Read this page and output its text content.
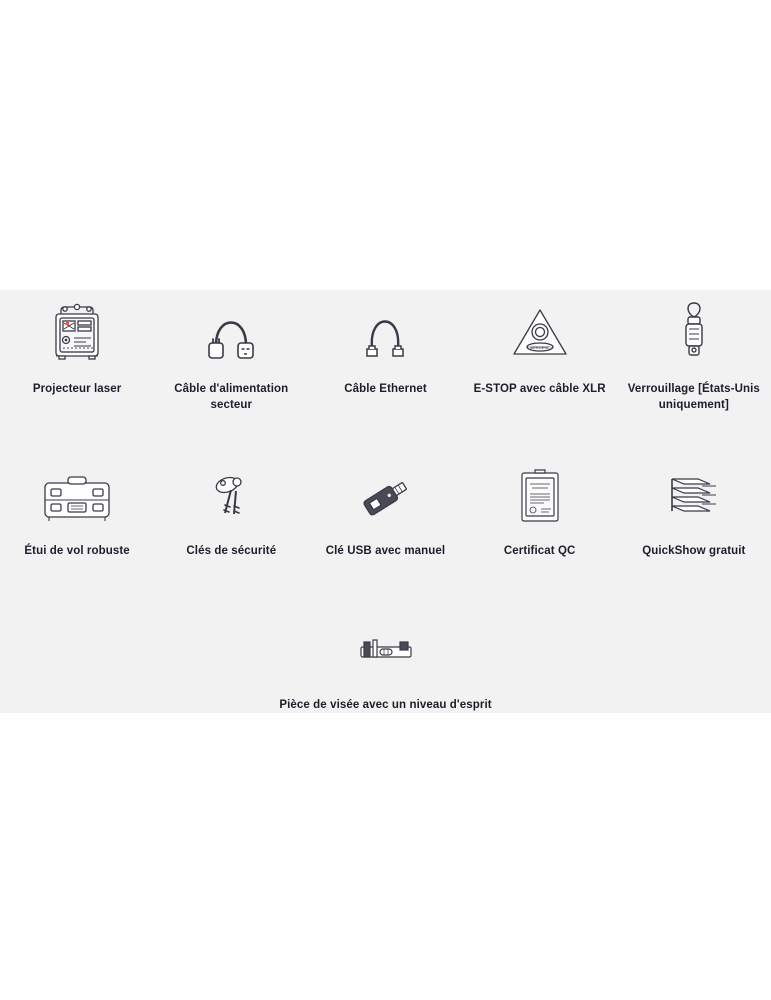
Projecteur laser	Câble d'alimentation secteur
Câble Ethernet
EMERGENCY
E-STOP avec câble XLR	Verrouillage [États-Unis uniquement]
Étui de vol robuste	Clés de sécurité	Clé USB avec manuel	Certificat QC	QuickShow gratuit
Pièce de visée avec un niveau d'esprit
